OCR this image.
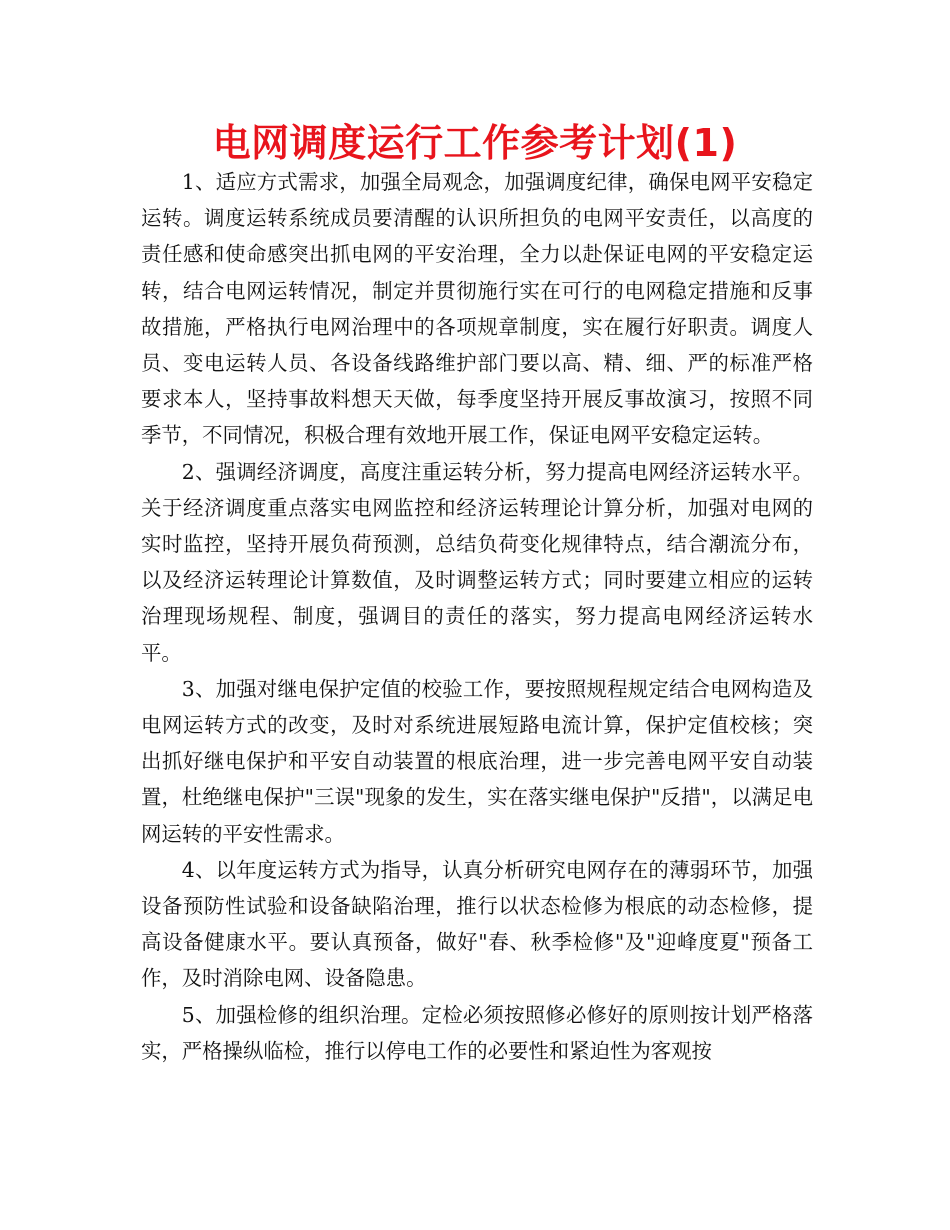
电网调度运行工作参考计划(1)

1、适应方式需求，加强全局观念，加强调度纪律，确保电网平安稳定运转。调度运转系统成员要清醒的认识所担负的电网平安责任，以高度的责任感和使命感突出抓电网的平安治理，全力以赴保证电网的平安稳定运转，结合电网运转情况，制定并贯彻施行实在可行的电网稳定措施和反事故措施，严格执行电网治理中的各项规章制度，实在履行好职责。调度人员、变电运转人员、各设备线路维护部门要以高、精、细、严的标准严格要求本人，坚持事故料想天天做，每季度坚持开展反事故演习，按照不同季节，不同情况，积极合理有效地开展工作，保证电网平安稳定运转。

2、强调经济调度，高度注重运转分析，努力提高电网经济运转水平。关于经济调度重点落实电网监控和经济运转理论计算分析，加强对电网的实时监控，坚持开展负荷预测，总结负荷变化规律特点，结合潮流分布，以及经济运转理论计算数值，及时调整运转方式；同时要建立相应的运转治理现场规程、制度，强调目的责任的落实，努力提高电网经济运转水平。

3、加强对继电保护定值的校验工作，要按照规程规定结合电网构造及电网运转方式的改变，及时对系统进展短路电流计算，保护定值校核；突出抓好继电保护和平安自动装置的根底治理，进一步完善电网平安自动装置，杜绝继电保护"三误"现象的发生，实在落实继电保护"反措"，以满足电网运转的平安性需求。

4、以年度运转方式为指导，认真分析研究电网存在的薄弱环节，加强设备预防性试验和设备缺陷治理，推行以状态检修为根底的动态检修，提高设备健康水平。要认真预备，做好"春、秋季检修"及"迎峰度夏"预备工作，及时消除电网、设备隐患。

5、加强检修的组织治理。定检必须按照修必修好的原则按计划严格落实，严格操纵临检，推行以停电工作的必要性和紧迫性为客观按
